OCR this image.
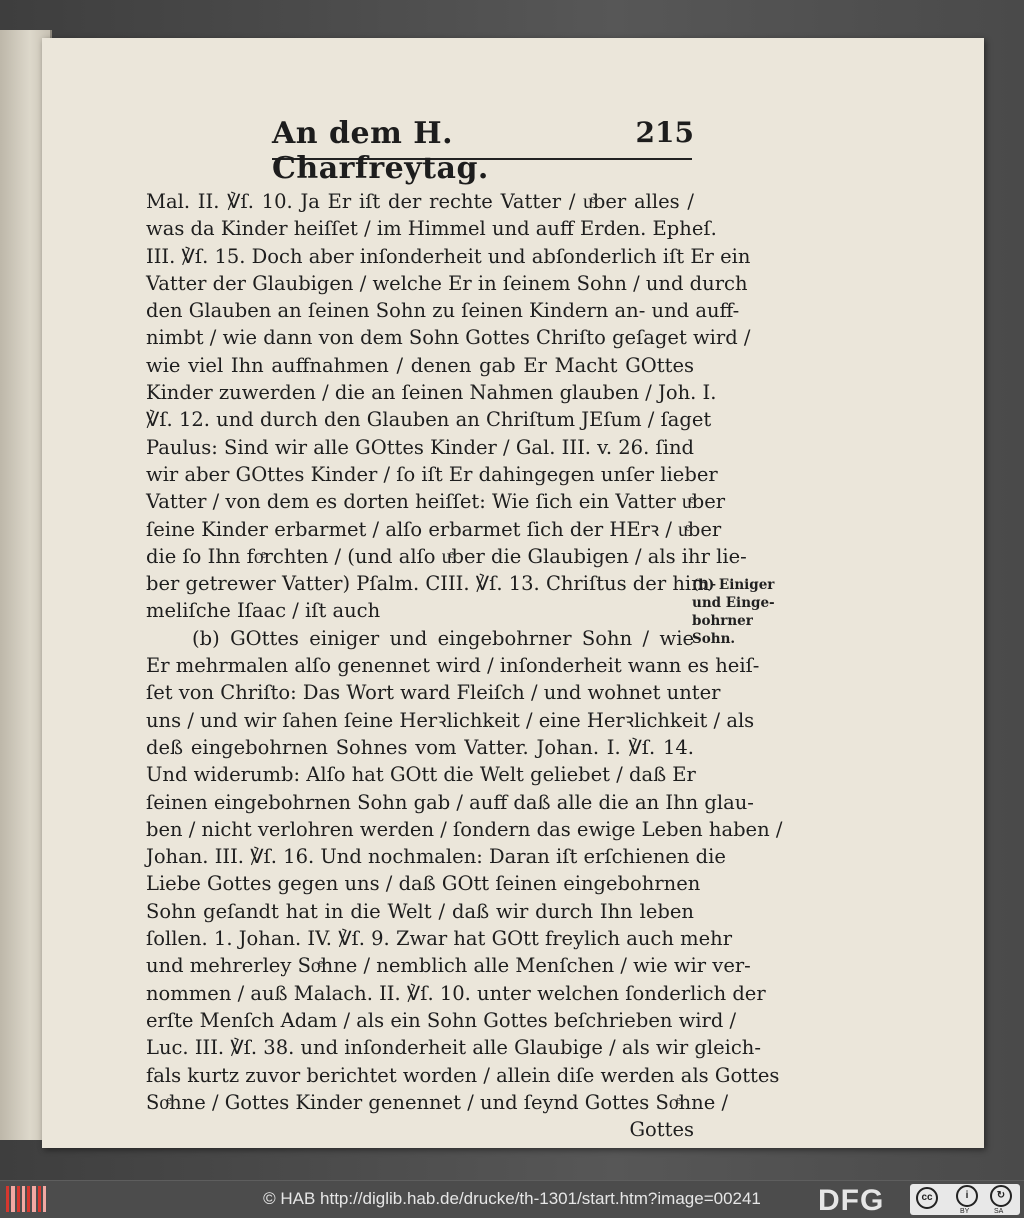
An dem H. Charfreytag.
215
Mal. II. ℣ſ. 10. Ja Er iſt der rechte Vatter / uͤber alles /
was da Kinder heiſſet / im Himmel und auff Erden. Epheſ.
III. ℣ſ. 15. Doch aber inſonderheit und abſonderlich iſt Er ein
Vatter der Glaubigen / welche Er in ſeinem Sohn / und durch
den Glauben an ſeinen Sohn zu ſeinen Kindern an- und auff-
nimbt / wie dann von dem Sohn Gottes Chriſto geſaget wird /
wie viel Ihn auffnahmen / denen gab Er Macht GOttes
Kinder zuwerden / die an ſeinen Nahmen glauben / Joh. I.
℣ſ. 12. und durch den Glauben an Chriſtum JEſum / ſaget
Paulus: Sind wir alle GOttes Kinder / Gal. III. v. 26. ſind
wir aber GOttes Kinder / ſo iſt Er dahingegen unſer lieber
Vatter / von dem es dorten heiſſet: Wie ſich ein Vatter uͤber
ſeine Kinder erbarmet / alſo erbarmet ſich der HErꝛ / uͤber
die ſo Ihn foͤrchten / (und alſo uͤber die Glaubigen / als ihr lie-
ber getrewer Vatter) Pſalm. CIII. ℣ſ. 13. Chriſtus der him-
meliſche Iſaac / iſt auch
(b) GOttes einiger und eingebohrner Sohn / wie
Er mehrmalen alſo genennet wird / inſonderheit wann es heiſ-
ſet von Chriſto: Das Wort ward Fleiſch / und wohnet unter
uns / und wir ſahen ſeine Herꝛlichkeit / eine Herꝛlichkeit / als
deß eingebohrnen Sohnes vom Vatter. Johan. I. ℣ſ. 14.
Und widerumb: Alſo hat GOtt die Welt geliebet / daß Er
ſeinen eingebohrnen Sohn gab / auff daß alle die an Ihn glau-
ben / nicht verlohren werden / ſondern das ewige Leben haben /
Johan. III. ℣ſ. 16. Und nochmalen: Daran iſt erſchienen die
Liebe Gottes gegen uns / daß GOtt ſeinen eingebohrnen
Sohn geſandt hat in die Welt / daß wir durch Ihn leben
ſollen. 1. Johan. IV. ℣ſ. 9. Zwar hat GOtt freylich auch mehr
und mehrerley Soͤhne / nemblich alle Menſchen / wie wir ver-
nommen / auß Malach. II. ℣ſ. 10. unter welchen ſonderlich der
erſte Menſch Adam / als ein Sohn Gottes beſchrieben wird /
Luc. III. ℣ſ. 38. und inſonderheit alle Glaubige / als wir gleich-
fals kurtz zuvor berichtet worden / allein diſe werden als Gottes
Soͤhne / Gottes Kinder genennet / und ſeynd Gottes Soͤhne /
Gottes
(b) Einiger
und Einge-
bohrner
Sohn.
© HAB http://diglib.hab.de/drucke/th-1301/start.htm?image=00241	DFG	cc	i	↻
BY	SA
